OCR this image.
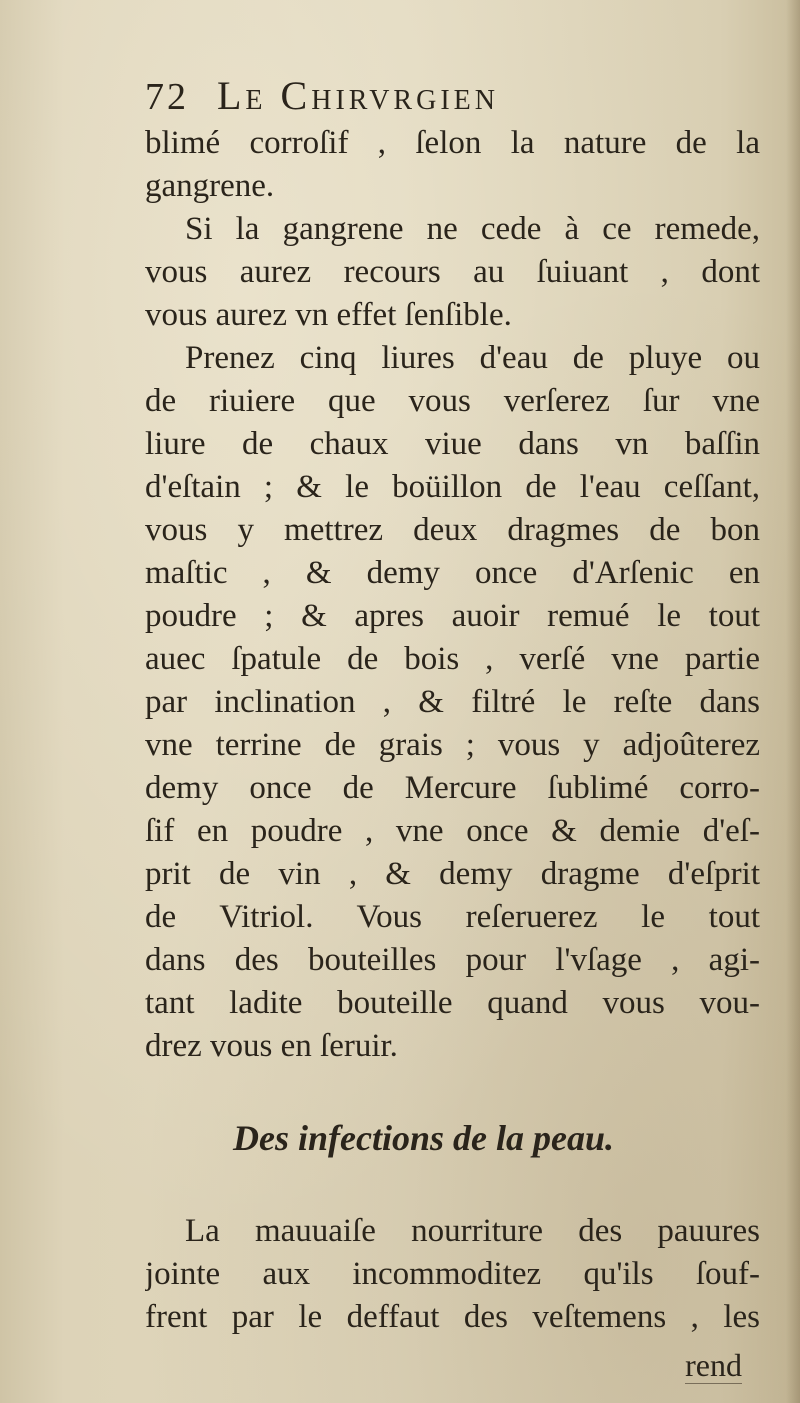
72 Le Chirvrgien
blimé corroſif , ſelon la nature de la
gangrene.
Si la gangrene ne cede à ce remede,
vous aurez recours au ſuiuant , dont
vous aurez vn effet ſenſible.
Prenez cinq liures d'eau de pluye ou
de riuiere que vous verſerez ſur vne
liure de chaux viue dans vn baſſin
d'eſtain ; & le boüillon de l'eau ceſſant,
vous y mettrez deux dragmes de bon
maſtic , & demy once d'Arſenic en
poudre ; & apres auoir remué le tout
auec ſpatule de bois , verſé vne partie
par inclination , & filtré le reſte dans
vne terrine de grais ; vous y adjoûterez
demy once de Mercure ſublimé corro-
ſif en poudre , vne once & demie d'eſ-
prit de vin , & demy dragme d'eſprit
de Vitriol. Vous reſeruerez le tout
dans des bouteilles pour l'vſage , agi-
tant ladite bouteille quand vous vou-
drez vous en ſeruir.
Des infections de la peau.
La mauuaiſe nourriture des pauures
jointe aux incommoditez qu'ils ſouf-
frent par le deffaut des veſtemens , les
rend
